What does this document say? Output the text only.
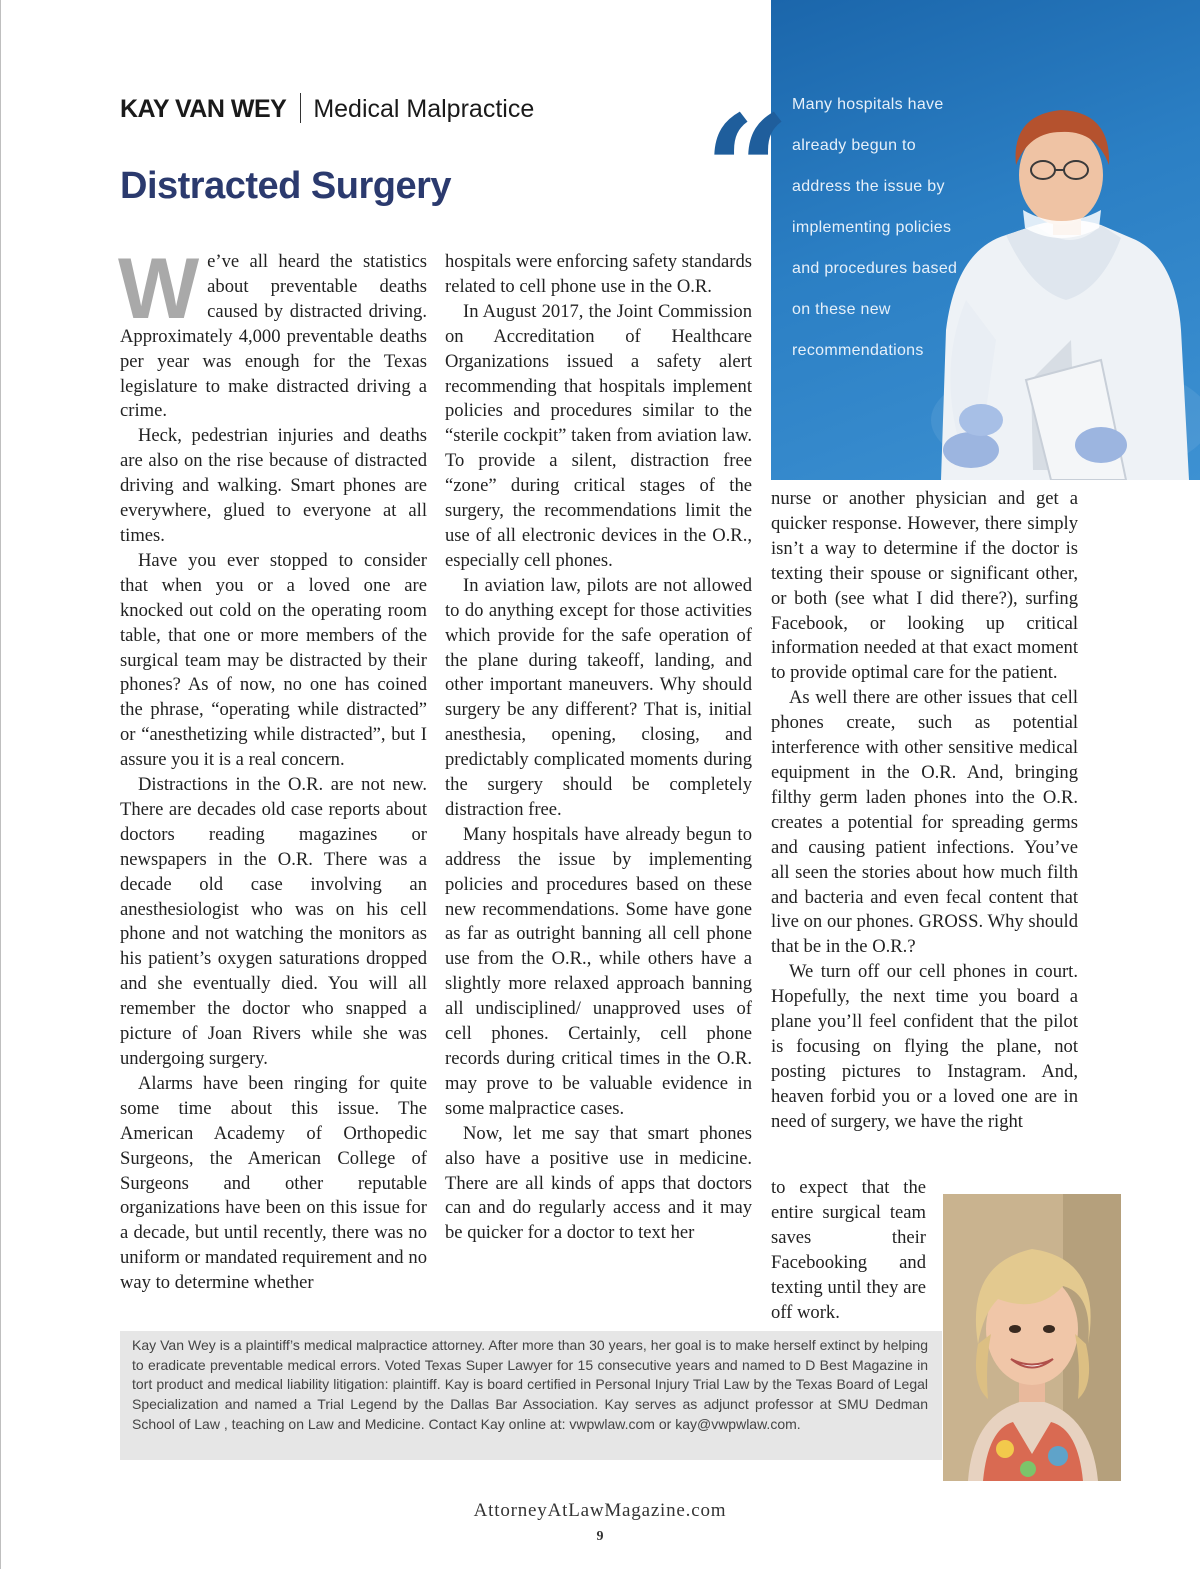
KAY VAN WEY Medical Malpractice
Distracted Surgery “ Many hospitals have already begun to address the issue by implementing policies and procedures based on these new recommendations
W e’ve all heard the statistics about preventable deaths caused by distracted driving. Approximately 4,000 preventable deaths per year was enough for the Texas legislature to make distracted driving a crime.

Heck, pedestrian injuries and deaths are also on the rise because of distracted driving and walking. Smart phones are everywhere, glued to everyone at all times.

Have you ever stopped to consider that when you or a loved one are knocked out cold on the operating room table, that one or more members of the surgical team may be distracted by their phones? As of now, no one has coined the phrase, “operating while distracted” or “anesthetizing while distracted”, but I assure you it is a real concern.

Distractions in the O.R. are not new. There are decades old case reports about doctors reading magazines or newspapers in the O.R. There was a decade old case involving an anesthesiologist who was on his cell phone and not watching the monitors as his patient’s oxygen saturations dropped and she eventually died. You will all remember the doctor who snapped a picture of Joan Rivers while she was undergoing surgery.

Alarms have been ringing for quite some time about this issue. The American Academy of Orthopedic Surgeons, the American College of Surgeons and other reputable organizations have been on this issue for a decade, but until recently, there was no uniform or mandated requirement and no way to determine whether

hospitals were enforcing safety standards related to cell phone use in the O.R.

In August 2017, the Joint Commission on Accreditation of Healthcare Organizations issued a safety alert recommending that hospitals implement policies and procedures similar to the “sterile cockpit” taken from aviation law. To provide a silent, distraction free “zone” during critical stages of the surgery, the recommendations limit the use of all electronic devices in the O.R., especially cell phones.

In aviation law, pilots are not allowed to do anything except for those activities which provide for the safe operation of the plane during takeoff, landing, and other important maneuvers. Why should surgery be any different? That is, initial anesthesia, opening, closing, and predictably complicated moments during the surgery should be completely distraction free.

Many hospitals have already begun to address the issue by implementing policies and procedures based on these new recommendations. Some have gone as far as outright banning all cell phone use from the O.R., while others have a slightly more relaxed approach banning all undisciplined/ unapproved uses of cell phones. Certainly, cell phone records during critical times in the O.R. may prove to be valuable evidence in some malpractice cases.

Now, let me say that smart phones also have a positive use in medicine. There are all kinds of apps that doctors can and do regularly access and it may be quicker for a doctor to text her

nurse or another physician and get a quicker response. However, there simply isn’t a way to determine if the doctor is texting their spouse or significant other, or both (see what I did there?), surfing Facebook, or looking up critical information needed at that exact moment to provide optimal care for the patient.

As well there are other issues that cell phones create, such as potential interference with other sensitive medical equipment in the O.R. And, bringing filthy germ laden phones into the O.R. creates a potential for spreading germs and causing patient infections. You’ve all seen the stories about how much filth and bacteria and even fecal content that live on our phones. GROSS. Why should that be in the O.R.?

We turn off our cell phones in court. Hopefully, the next time you board a plane you’ll feel confident that the pilot is focusing on flying the plane, not posting pictures to Instagram. And, heaven forbid you or a loved one are in need of surgery, we have the right

to expect that the entire surgical team saves their Facebooking and texting until they are off work.

Kay Van Wey is a plaintiff’s medical malpractice attorney. After more than 30 years, her goal is to make herself extinct by helping to eradicate preventable medical errors. Voted Texas Super Lawyer for 15 consecutive years and named to D Best Magazine in tort product and medical liability litigation: plaintiff. Kay is board certified in Personal Injury Trial Law by the Texas Board of Legal Specialization and named a Trial Legend by the Dallas Bar Association. Kay serves as adjunct professor at SMU Dedman School of Law , teaching on Law and Medicine. Contact Kay online at: vwpwlaw.com or kay@vwpwlaw.com.

AttorneyAtLawMagazine.com
9
